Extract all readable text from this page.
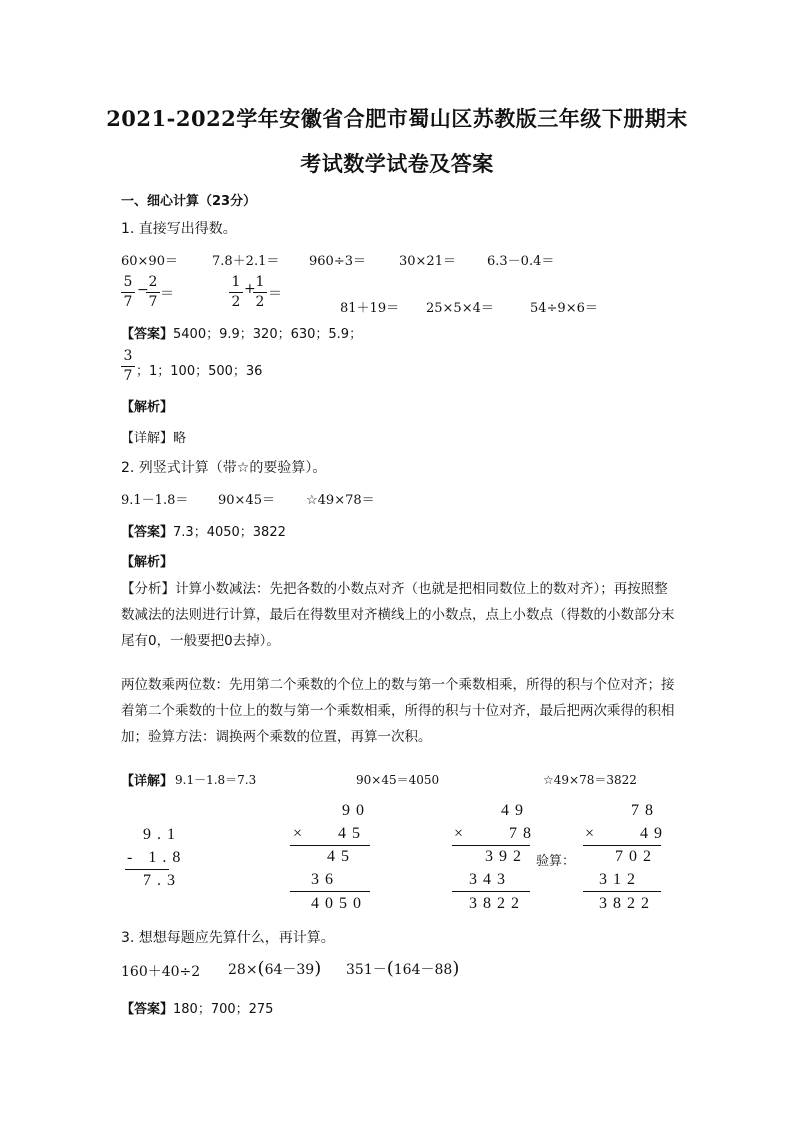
2021-2022学年安徽省合肥市蜀山区苏教版三年级下册期末
考试数学试卷及答案
一、细心计算（23分）
1. 直接写出得数。
60×90＝	7.8＋2.1＝ 960÷3＝	30×21＝ 6.3－0.4＝
5
7
− 2
7 ＝
1
2
+ 1
2 ＝
81＋19＝ 25×5×4＝	54÷9×6＝
【答案】5400；9.9；320；630；5.9；
3
7 ；1；100；500；36
【解析】
【详解】略
2. 列竖式计算（带☆的要验算）。
9.1－1.8＝ 90×45＝ ☆49×78＝
【答案】7.3；4050；3822
【解析】
【分析】计算小数减法：先把各数的小数点对齐（也就是把相同数位上的数对齐）；再按照整数减法的法则进行计算，最后在得数里对齐横线上的小数点，点上小数点（得数的小数部分末尾有0，一般要把0去掉）。
两位数乘两位数：先用第二个乘数的个位上的数与第一个乘数相乘，所得的积与个位对齐；接着第二个乘数的十位上的数与第一个乘数相乘，所得的积与十位对齐，最后把两次乘得的积相加；验算方法：调换两个乘数的位置，再算一次积。
【详解】 9.1－1.8＝7.3	90×45＝4050	☆49×78＝3822
9.1
- 1.8
7.3
90
×   45
45
36
4050
49
×    78
392
343
3822
验算：
78
×    49
702
312
3822
3. 想想每题应先算什么，再计算。
160＋40÷2 28×(64－39) 351－(164－88)
【答案】180；700；275
